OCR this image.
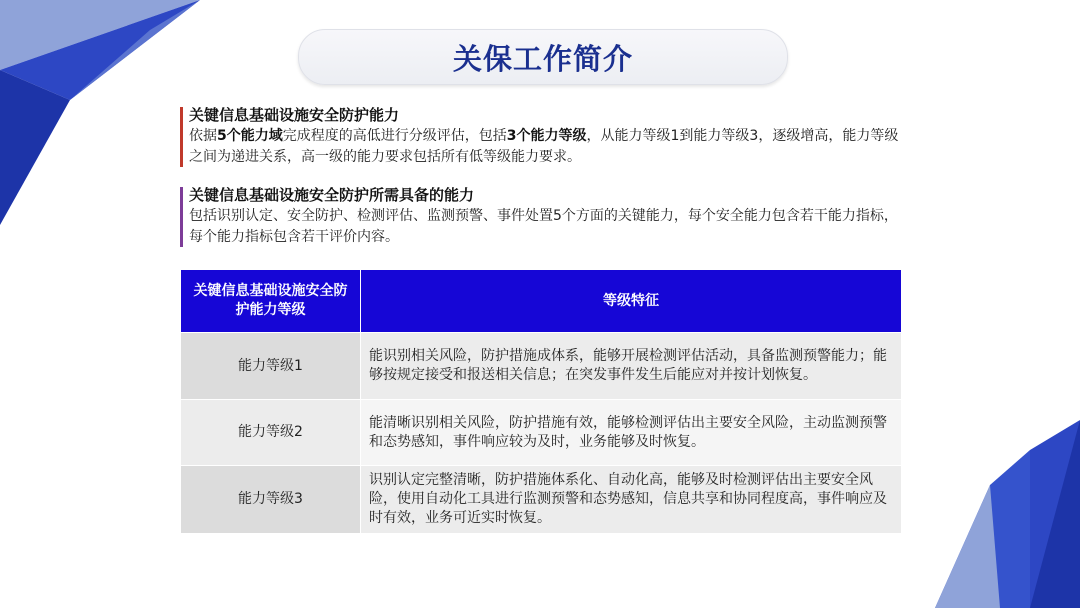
关保工作简介
关键信息基础设施安全防护能力

依据5个能力域完成程度的高低进行分级评估，包括3个能力等级，从能力等级1到能力等级3，逐级增高，能力等级之间为递进关系，高一级的能力要求包括所有低等级能力要求。

关键信息基础设施安全防护所需具备的能力

包括识别认定、安全防护、检测评估、监测预警、事件处置5个方面的关键能力，每个安全能力包含若干能力指标，每个能力指标包含若干评价内容。

关键信息基础设施安全防护能力等级	等级特征
能力等级1	能识别相关风险，防护措施成体系，能够开展检测评估活动，具备监测预警能力；能够按规定接受和报送相关信息；在突发事件发生后能应对并按计划恢复。
能力等级2	能清晰识别相关风险，防护措施有效，能够检测评估出主要安全风险，主动监测预警和态势感知，事件响应较为及时，业务能够及时恢复。
能力等级3	识别认定完整清晰，防护措施体系化、自动化高，能够及时检测评估出主要安全风险，使用自动化工具进行监测预警和态势感知，信息共享和协同程度高，事件响应及时有效，业务可近实时恢复。
